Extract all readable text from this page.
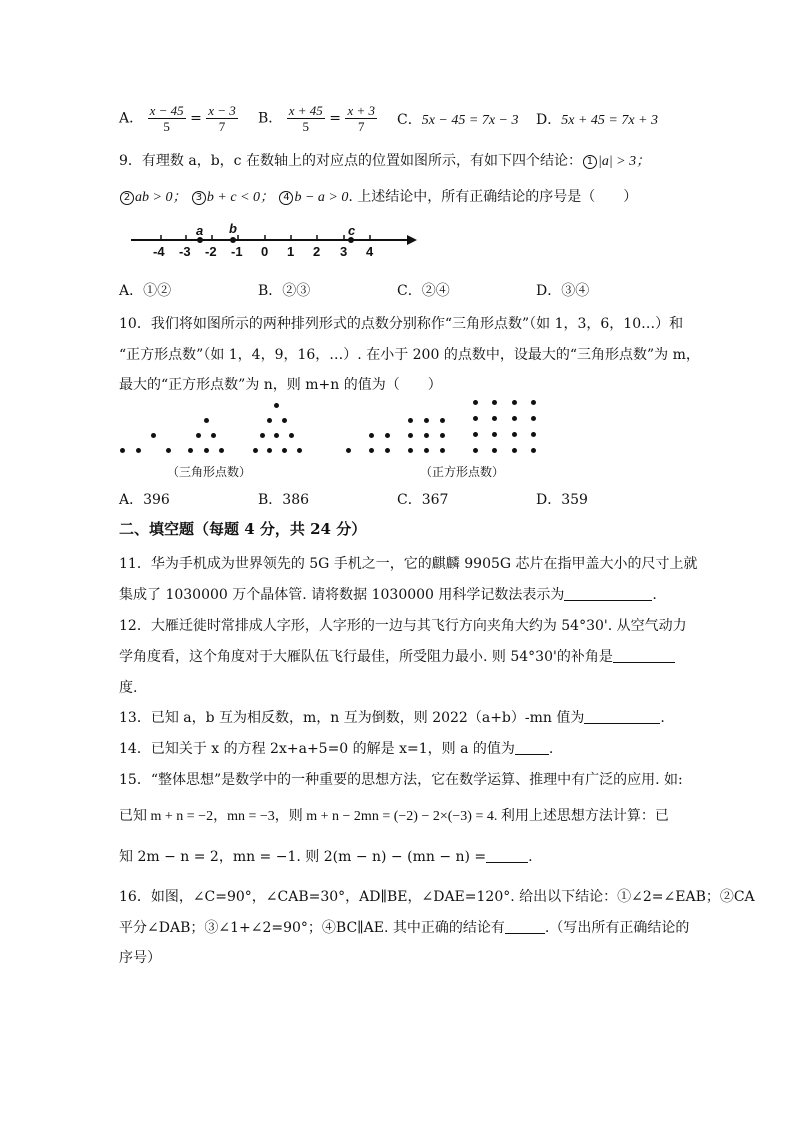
A． $\frac{x - 45}{5} = \frac{x - 3}{7}$ B． $\frac{x + 45}{5} = \frac{x + 3}{7}$ C．5x − 45 = 7x − 3 D．5x + 45 = 7x + 3
9．有理数 a，b，c 在数轴上的对应点的位置如图所示，有如下四个结论： 1 |a| > 3；
2 ab > 0； 3 b + c < 0； 4 b − a > 0. 上述结论中，所有正确结论的序号是（　　）
-4 -3 -2 -1 0 1 2 3 4
a b	c
A．①②	B．②③	C．②④	D．③④
10．我们将如图所示的两种排列形式的点数分别称作“三角形点数”（如 1，3，6，10…）和
“正方形点数”（如 1，4，9，16，…）. 在小于 200 的点数中，设最大的“三角形点数”为 m，
最大的“正方形点数”为 n，则 m+n 的值为（　　）
（三角形点数）	（正方形点数）
A．396	B．386	C．367	D．359
二、填空题（每题 4 分，共 24 分）
11．华为手机成为世界领先的 5G 手机之一，它的麒麟 9905G 芯片在指甲盖大小的尺寸上就
集成了 1030000 万个晶体管. 请将数据 1030000 用科学记数法表示为	.
12．大雁迁徙时常排成人字形，人字形的一边与其飞行方向夹角大约为 54°30'. 从空气动力
学角度看，这个角度对于大雁队伍飞行最佳，所受阻力最小. 则 54°30'的补角是
度.
13．已知 a，b 互为相反数，m，n 互为倒数，则 2022（a+b）-mn 值为	.
14．已知关于 x 的方程 2x+a+5=0 的解是 x=1，则 a 的值为 .
15．“整体思想”是数学中的一种重要的思想方法，它在数学运算、推理中有广泛的应用. 如:
已知 m + n = −2，mn = −3，则 m + n − 2mn = (−2) − 2×(−3) = 4. 利用上述思想方法计算：已
知 2m − n = 2，mn = −1. 则 2(m − n) − (mn − n) =	.
16．如图，∠C=90°，∠CAB=30°，AD∥BE，∠DAE=120°. 给出以下结论：①∠2=∠EAB；②CA
平分∠DAB；③∠1+∠2=90°；④BC∥AE. 其中正确的结论有	.（写出所有正确结论的
序号）
